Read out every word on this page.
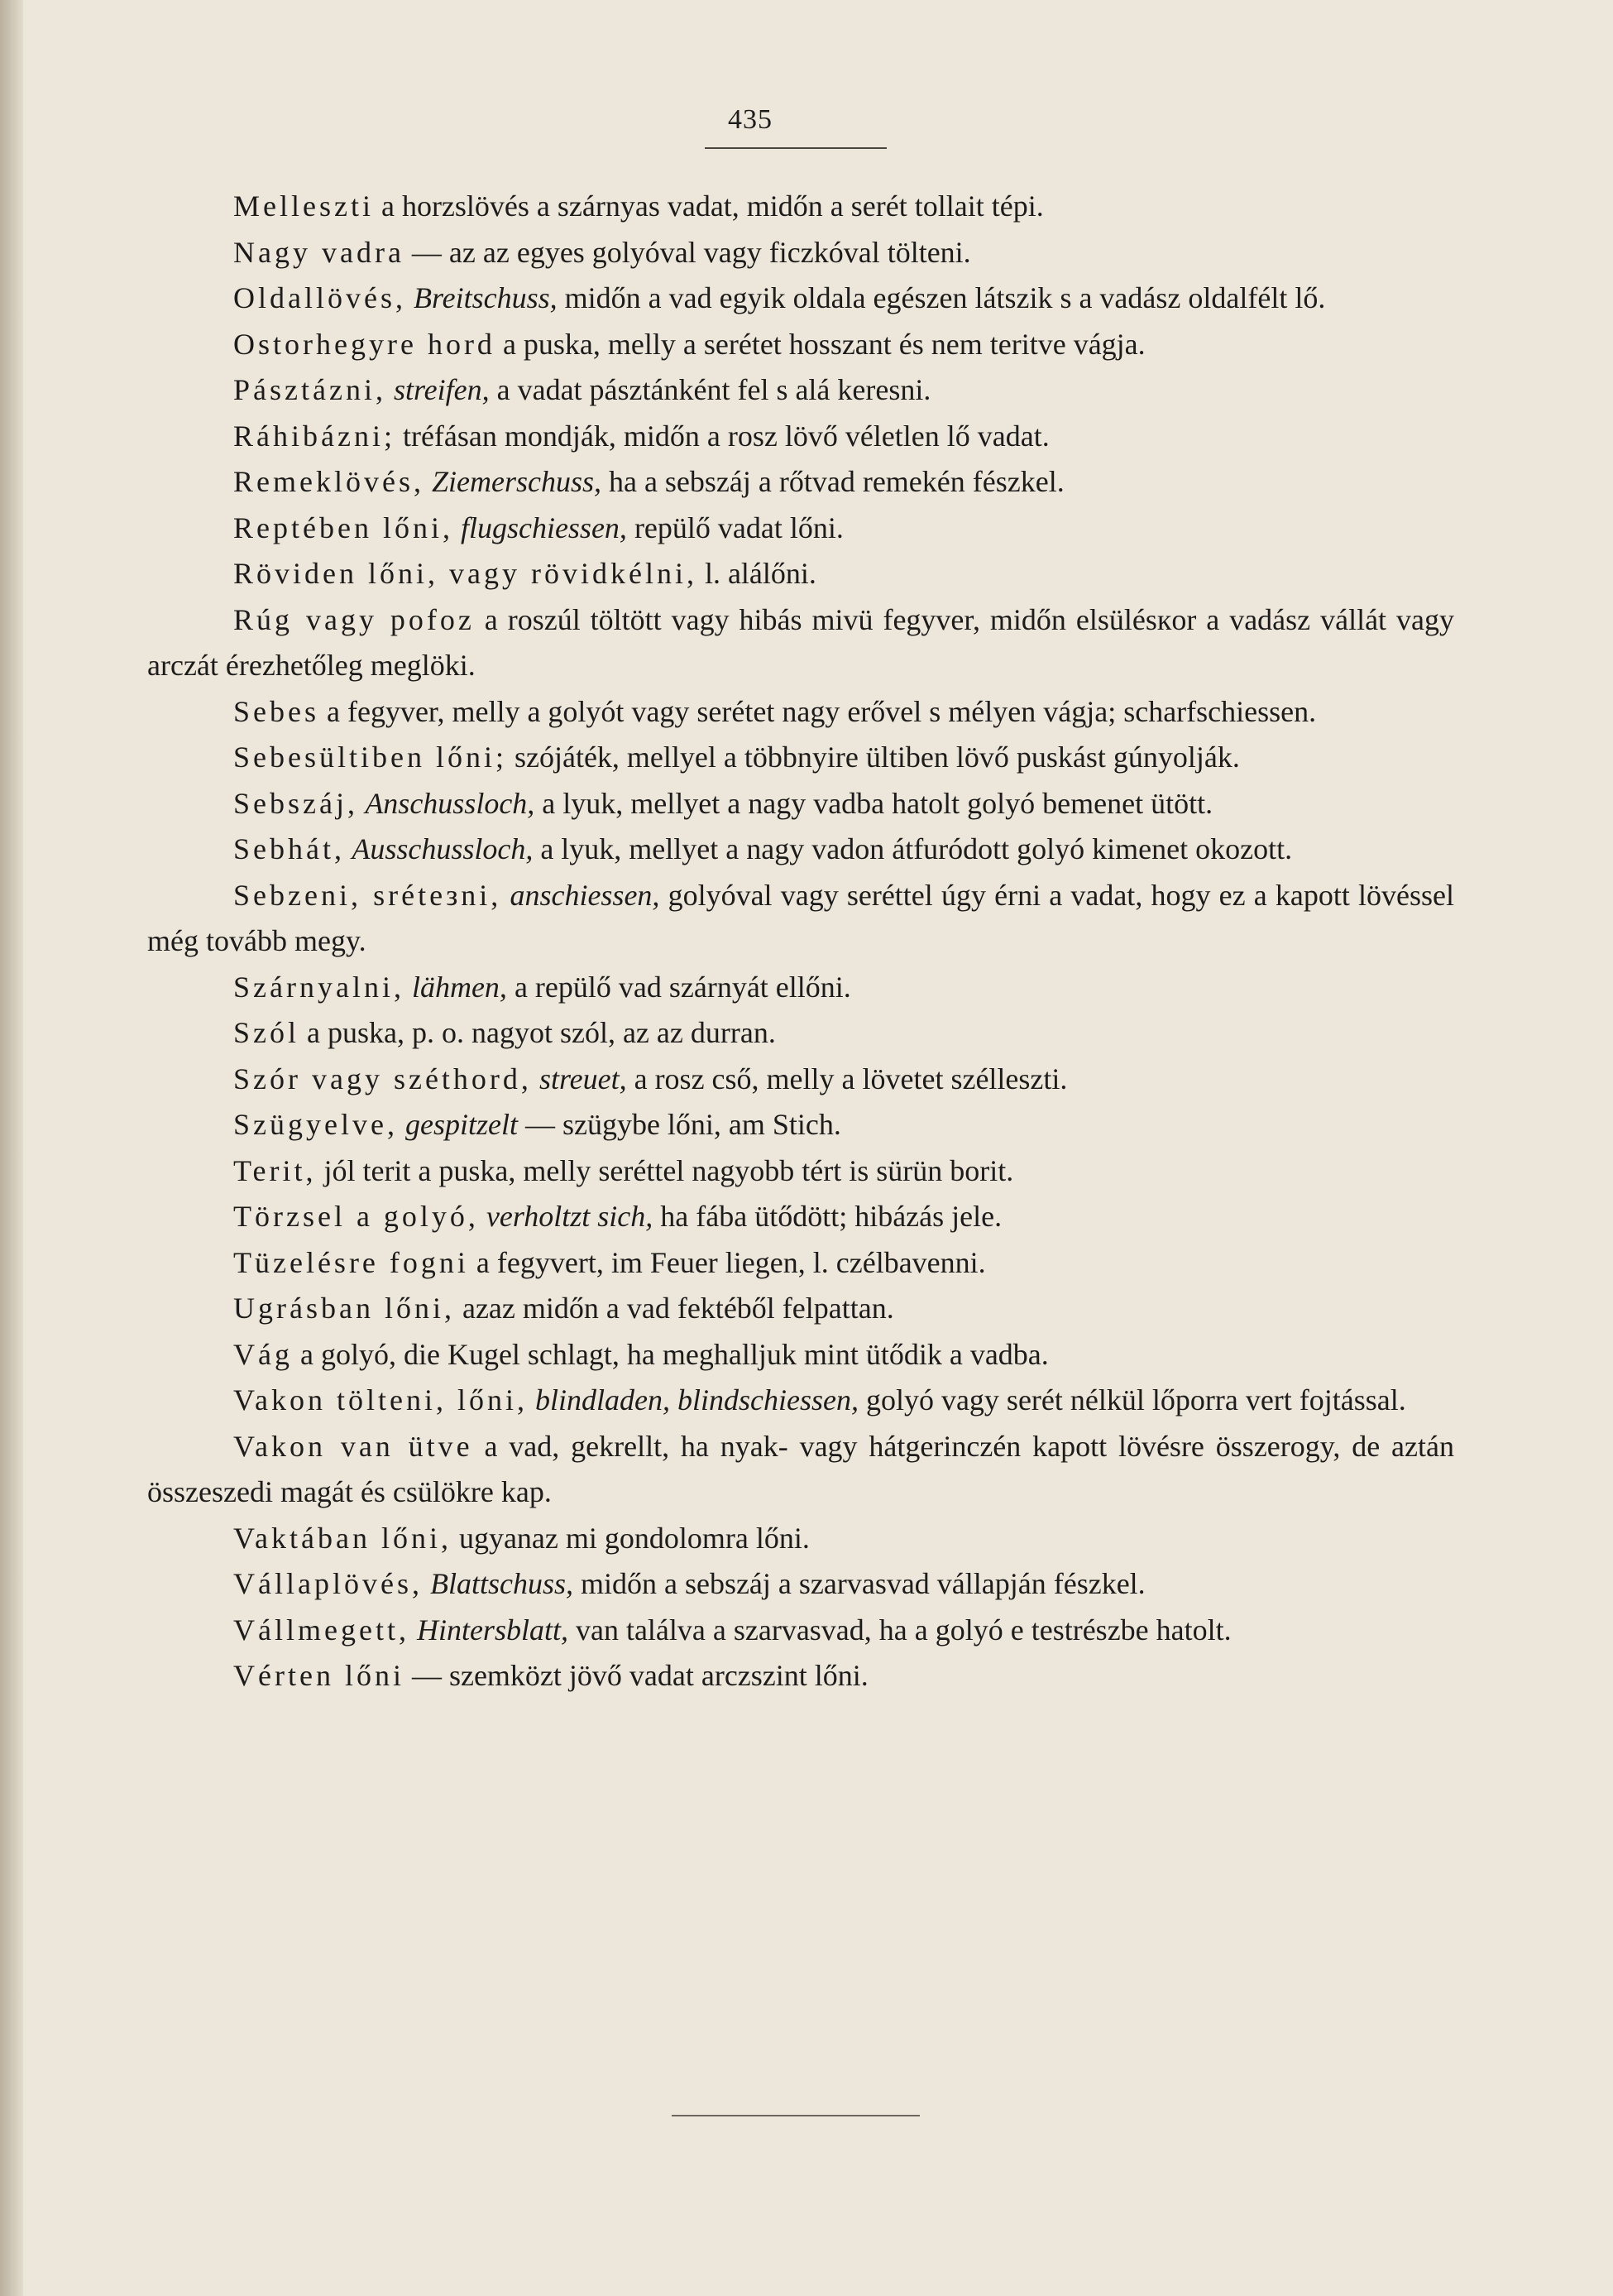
435

Melleszti a horzslövés a szárnyas vadat, midőn a serét tollait tépi.

Nagy vadra — az az egyes golyóval vagy ficzkóval tölteni.

Oldallövés, Breitschuss, midőn a vad egyik oldala egészen látszik s a vadász oldalfélt lő.

Ostorhegyre hord a puska, melly a serétet hosszant és nem teritve vágja.

Pásztázni, streifen, a vadat pásztánként fel s alá keresni.

Ráhibázni; tréfásan mondják, midőn a rosz lövő véletlen lő vadat.

Remeklövés, Ziemerschuss, ha a sebszáj a rőtvad remekén fészkel.

Reptében lőni, flugschiessen, repülő vadat lőni.

Röviden lőni, vagy rövidkélni, l. alálőni.

Rúg vagy pofoz a roszúl töltött vagy hibás mivü fegyver, midőn elsülésкor a vadász vállát vagy arczát érezhetőleg meglöki.

Sebes a fegyver, melly a golyót vagy serétet nagy erővel s mélyen vágja; scharfschiessen.

Sebesültiben lőni; szójáték, mellyel a többnyire ültiben lövő puskást gúnyolják.

Sebszáj, Anschussloch, a lyuk, mellyet a nagy vadba hatolt golyó bemenet ütött.

Sebhát, Ausschussloch, a lyuk, mellyet a nagy vadon átfuródott golyó kimenet okozott.

Sebzeni, sréteзni, anschiessen, golyóval vagy seréttel úgy érni a vadat, hogy ez a kapott lövéssel még tovább megy.

Szárnyalni, lähmen, a repülő vad szárnyát ellőni.

Szól a puska, p. o. nagyot szól, az az durran.

Szór vagy széthord, streuet, a rosz cső, melly a lövetet szélleszti.

Szügyelve, gespitzelt — szügybe lőni, am Stich.

Terit, jól terit a puska, melly seréttel nagyobb tért is sürün borit.

Törzsel a golyó, verholtzt sich, ha fába ütődött; hibázás jele.

Tüzelésre fogni a fegyvert, im Feuer liegen, l. czélbavenni.

Ugrásban lőni, azaz midőn a vad fektéből felpattan.

Vág a golyó, die Kugel schlagt, ha meghalljuk mint ütődik a vadba.

Vakon tölteni, lőni, blindladen, blindschiessen, golyó vagy serét nélkül lőporra vert fojtással.

Vakon van ütve a vad, gekrellt, ha nyak- vagy hátgerinczén kapott lövésre összerogy, de aztán összeszedi magát és csülökre kap.

Vaktában lőni, ugyanaz mi gondolomra lőni.

Vállaplövés, Blattschuss, midőn a sebszáj a szarvasvad vállapján fészkel.

Vállmegett, Hintersblatt, van találva a szarvasvad, ha a golyó e testrészbe hatolt.

Vérten lőni — szemközt jövő vadat arczszint lőni.
